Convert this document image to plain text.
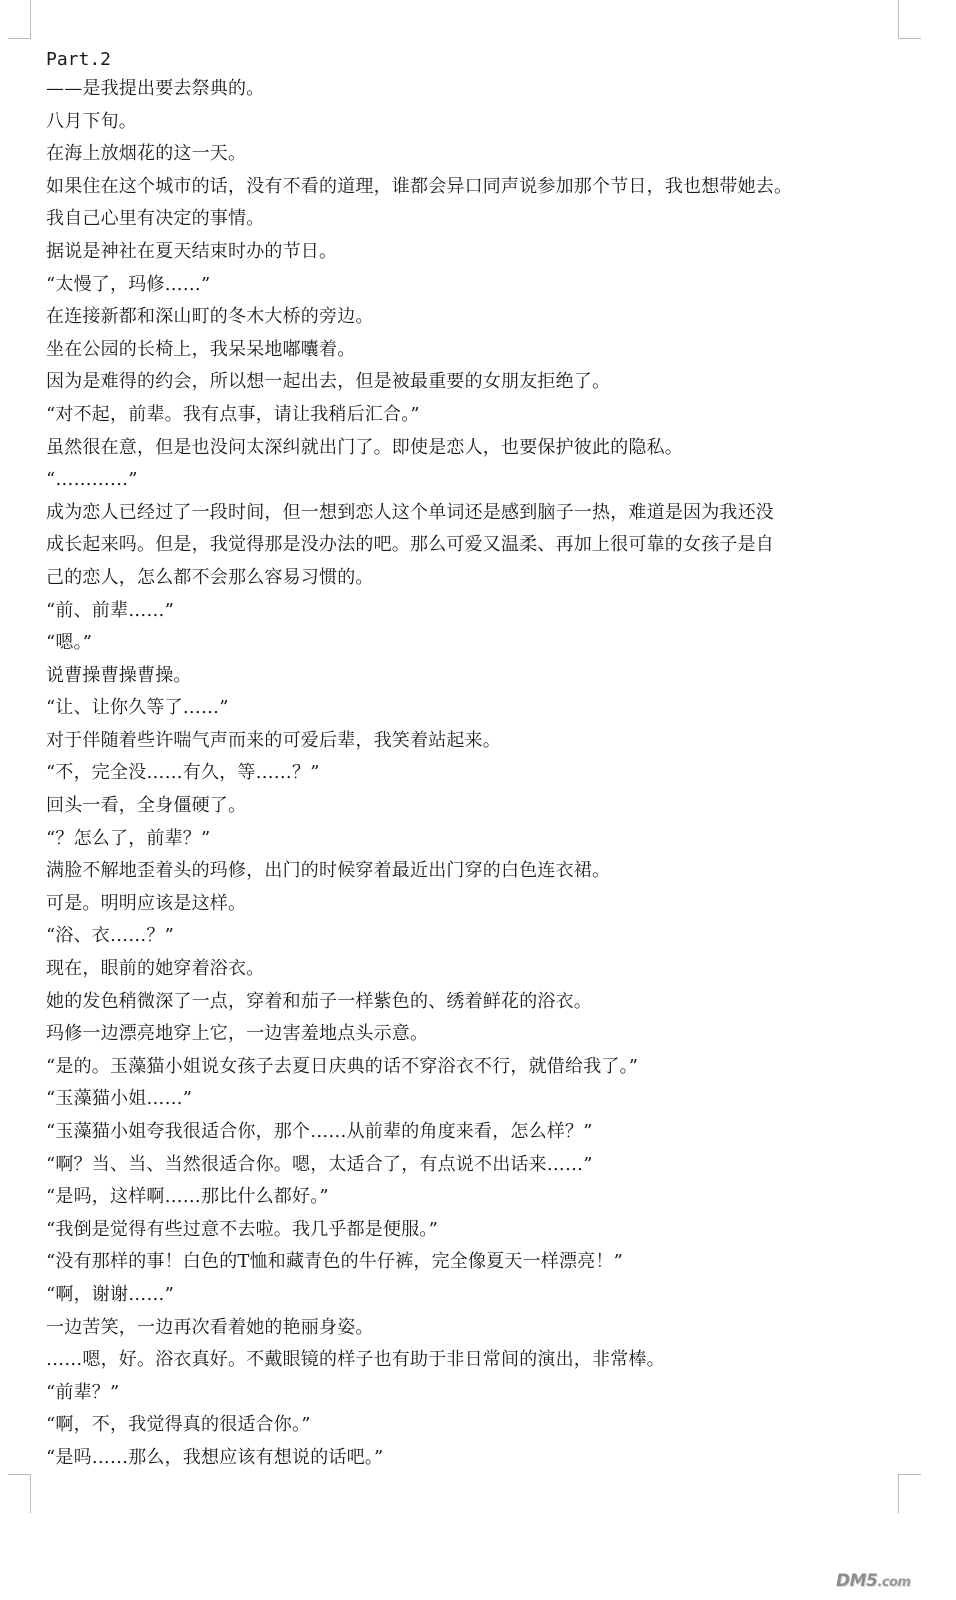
Part.2
——是我提出要去祭典的。
八月下旬。
在海上放烟花的这一天。
如果住在这个城市的话，没有不看的道理，谁都会异口同声说参加那个节日，我也想带她去。
我自己心里有决定的事情。
据说是神社在夏天结束时办的节日。
“太慢了，玛修……”
在连接新都和深山町的冬木大桥的旁边。
坐在公园的长椅上，我呆呆地嘟囔着。
因为是难得的约会，所以想一起出去，但是被最重要的女朋友拒绝了。
“对不起，前辈。我有点事，请让我稍后汇合。”
虽然很在意，但是也没问太深纠就出门了。即使是恋人，也要保护彼此的隐私。
“…………”
成为恋人已经过了一段时间，但一想到恋人这个单词还是感到脑子一热，难道是因为我还没
成长起来吗。但是，我觉得那是没办法的吧。那么可爱又温柔、再加上很可靠的女孩子是自
己的恋人，怎么都不会那么容易习惯的。
“前、前辈……”
“嗯。”
说曹操曹操曹操。
“让、让你久等了……”
对于伴随着些许喘气声而来的可爱后辈，我笑着站起来。
“不，完全没……有久，等……？”
回头一看，全身僵硬了。
“？怎么了，前辈？”
满脸不解地歪着头的玛修，出门的时候穿着最近出门穿的白色连衣裙。
可是。明明应该是这样。
“浴、衣……？”
现在，眼前的她穿着浴衣。
她的发色稍微深了一点，穿着和茄子一样紫色的、绣着鲜花的浴衣。
玛修一边漂亮地穿上它，一边害羞地点头示意。
“是的。玉藻猫小姐说女孩子去夏日庆典的话不穿浴衣不行，就借给我了。”
“玉藻猫小姐……”
“玉藻猫小姐夸我很适合你，那个……从前辈的角度来看，怎么样？”
“啊？当、当、当然很适合你。嗯，太适合了，有点说不出话来……”
“是吗，这样啊……那比什么都好。”
“我倒是觉得有些过意不去啦。我几乎都是便服。”
“没有那样的事！白色的T恤和藏青色的牛仔裤，完全像夏天一样漂亮！”
“啊，谢谢……”
一边苦笑，一边再次看着她的艳丽身姿。
……嗯，好。浴衣真好。不戴眼镜的样子也有助于非日常间的演出，非常棒。
“前辈？”
“啊，不，我觉得真的很适合你。”
“是吗……那么，我想应该有想说的话吧。”
DM5.com
